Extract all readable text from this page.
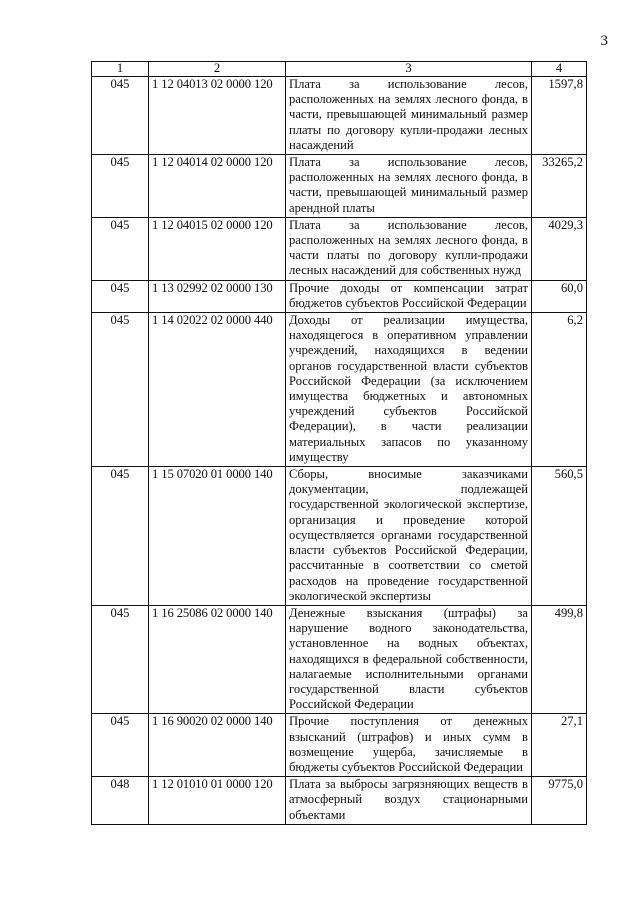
3
1	2	3	4
045	1 12 04013 02 0000 120	Плата за использование лесов, расположенных на землях лесного фонда, в части, превышающей минимальный размер платы по договору купли-продажи лесных насаждений	1597,8
045	1 12 04014 02 0000 120	Плата за использование лесов, расположенных на землях лесного фонда, в части, превышающей минимальный размер арендной платы	33265,2
045	1 12 04015 02 0000 120	Плата за использование лесов, расположенных на землях лесного фонда, в части платы по договору купли-продажи лесных насаждений для собственных нужд	4029,3
045	1 13 02992 02 0000 130	Прочие доходы от компенсации затрат бюджетов субъектов Российской Федерации	60,0
045	1 14 02022 02 0000 440	Доходы от реализации имущества, находящегося в оперативном управлении учреждений, находящихся в ведении органов государственной власти субъектов Российской Федерации (за исключением имущества бюджетных и автономных учреждений субъектов Российской Федерации), в части реализации материальных запасов по указанному имуществу	6,2
045	1 15 07020 01 0000 140	Сборы, вносимые заказчиками документации, подлежащей государственной экологической экспертизе, организация и проведение которой осуществляется органами государственной власти субъектов Российской Федерации, рассчитанные в соответствии со сметой расходов на проведение государственной экологической экспертизы	560,5
045	1 16 25086 02 0000 140	Денежные взыскания (штрафы) за нарушение водного законодательства, установленное на водных объектах, находящихся в федеральной собственности, налагаемые исполнительными органами государственной власти субъектов Российской Федерации	499,8
045	1 16 90020 02 0000 140	Прочие поступления от денежных взысканий (штрафов) и иных сумм в возмещение ущерба, зачисляемые в бюджеты субъектов Российской Федерации	27,1
048	1 12 01010 01 0000 120	Плата за выбросы загрязняющих веществ в атмосферный воздух стационарными объектами	9775,0
